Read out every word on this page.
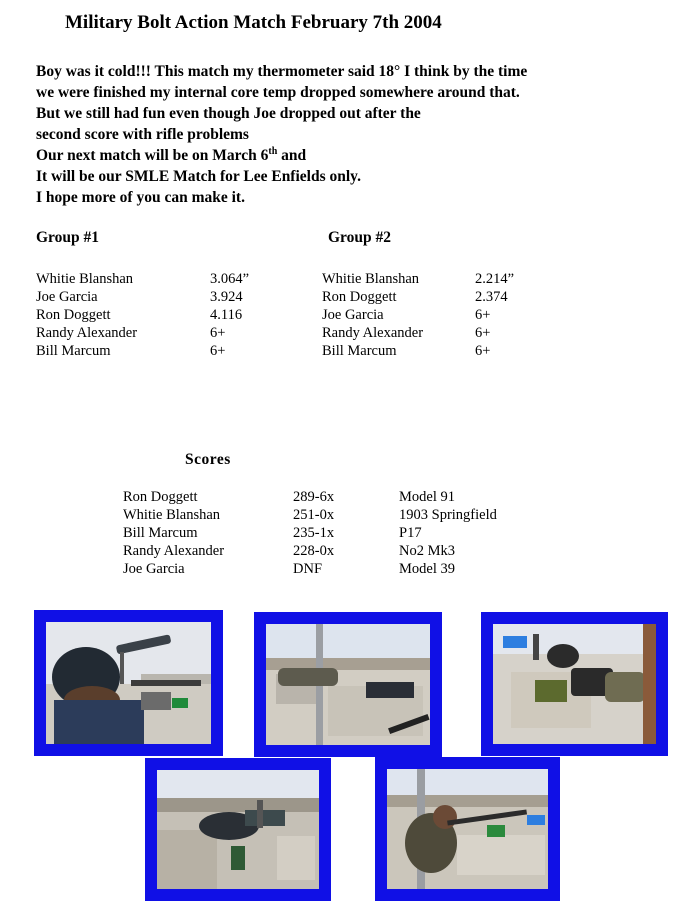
Military Bolt Action Match February 7th 2004
Boy was it cold!!! This match my thermometer said 18° I think by the time
we were finished my internal core temp dropped somewhere around that.
But we still had fun even though Joe dropped out after the
second score with rifle problems
Our next match will be on March 6th and
It will be our SMLE Match for Lee Enfields only.
I hope more of you can make it.
Group #1	Group #2
Whitie Blanshan	3.064”
Joe Garcia	3.924
Ron Doggett	4.116
Randy Alexander	6+
Bill Marcum	6+
Whitie Blanshan	2.214”
Ron Doggett	2.374
Joe Garcia	6+
Randy Alexander	6+
Bill Marcum	6+
Scores
Ron Doggett	289-6x	Model 91
Whitie Blanshan	251-0x	1903 Springfield
Bill Marcum	235-1x	P17
Randy Alexander	228-0x	No2 Mk3
Joe Garcia	DNF	Model 39
